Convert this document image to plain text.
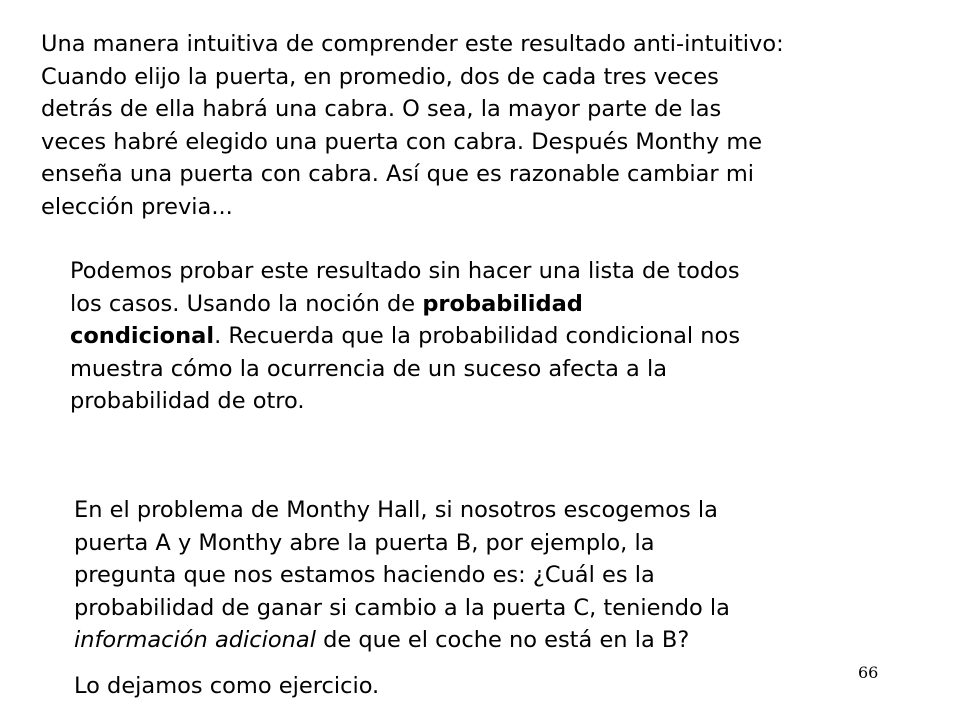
Una manera intuitiva de comprender este resultado anti-intuitivo:
Cuando elijo la puerta, en promedio, dos de cada tres veces
detrás de ella habrá una cabra. O sea, la mayor parte de las
veces habré elegido una puerta con cabra. Después Monthy me
enseña una puerta con cabra. Así que es razonable cambiar mi
elección previa...

Podemos probar este resultado sin hacer una lista de todos
los casos. Usando la noción de probabilidad
condicional. Recuerda que la probabilidad condicional nos
muestra cómo la ocurrencia de un suceso afecta a la
probabilidad de otro.

En el problema de Monthy Hall, si nosotros escogemos la
puerta A y Monthy abre la puerta B, por ejemplo, la
pregunta que nos estamos haciendo es: ¿Cuál es la
probabilidad de ganar si cambio a la puerta C, teniendo la
información adicional de que el coche no está en la B?

Lo dejamos como ejercicio.

66
